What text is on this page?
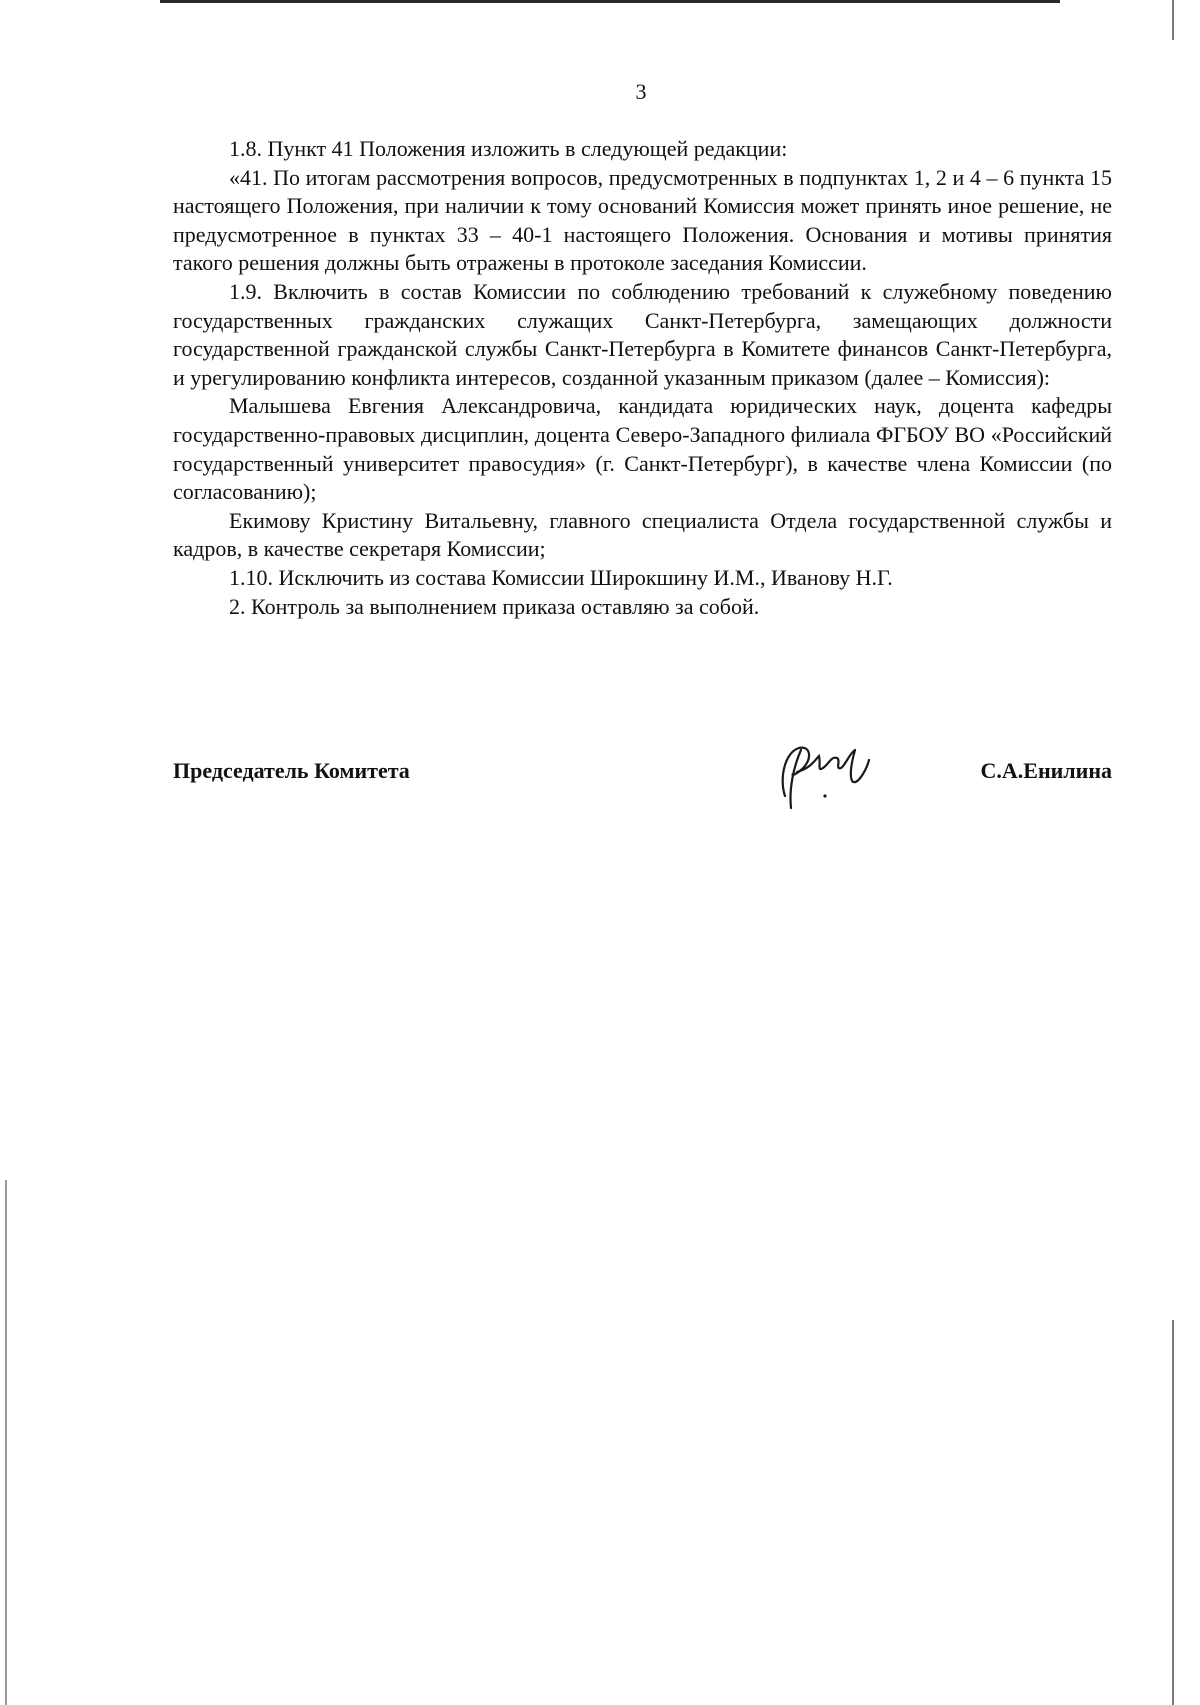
3

1.8. Пункт 41 Положения изложить в следующей редакции:

«41. По итогам рассмотрения вопросов, предусмотренных в подпунктах 1, 2 и 4 – 6 пункта 15 настоящего Положения, при наличии к тому оснований Комиссия может принять иное решение, не предусмотренное в пунктах 33 – 40-1 настоящего Положения. Основания и мотивы принятия такого решения должны быть отражены в протоколе заседания Комиссии.

1.9. Включить в состав Комиссии по соблюдению требований к служебному поведению государственных гражданских служащих Санкт-Петербурга, замещающих должности государственной гражданской службы Санкт-Петербурга в Комитете финансов Санкт-Петербурга, и урегулированию конфликта интересов, созданной указанным приказом (далее – Комиссия):

Малышева Евгения Александровича, кандидата юридических наук, доцента кафедры государственно-правовых дисциплин, доцента Северо-Западного филиала ФГБОУ ВО «Российский государственный университет правосудия» (г. Санкт-Петербург), в качестве члена Комиссии (по согласованию);

Екимову Кристину Витальевну, главного специалиста Отдела государственной службы и кадров, в качестве секретаря Комиссии;

1.10. Исключить из состава Комиссии Широкшину И.М., Иванову Н.Г.

2. Контроль за выполнением приказа оставляю за собой.

Председатель Комитета	С.А.Енилина
